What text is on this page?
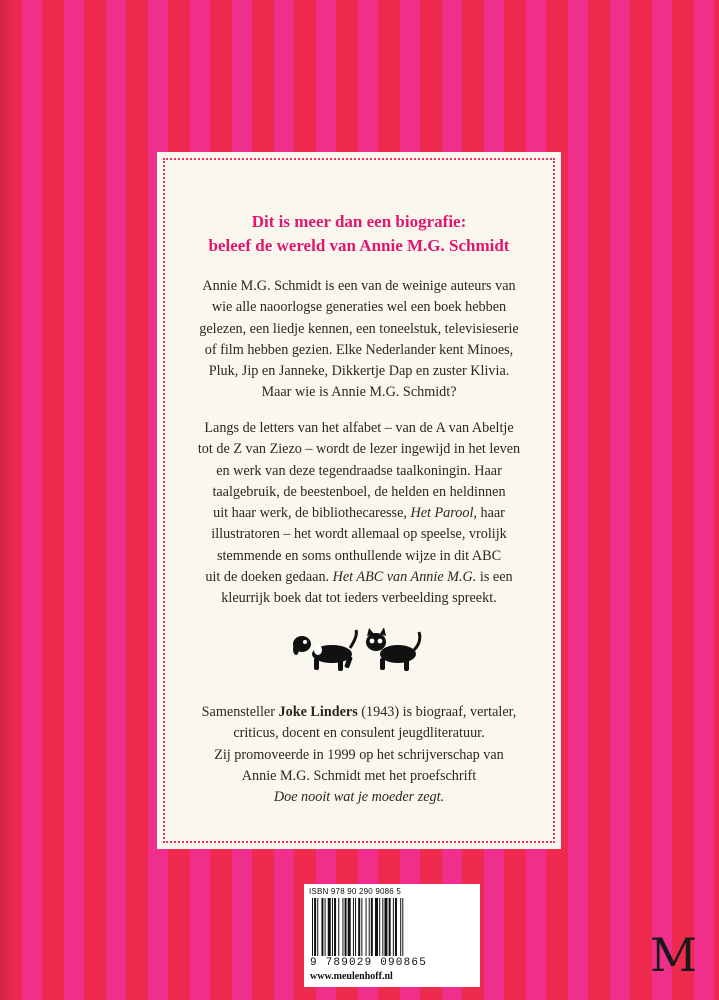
Dit is meer dan een biografie:
beleef de wereld van Annie M.G. Schmidt
Annie M.G. Schmidt is een van de weinige auteurs van
wie alle naoorlogse generaties wel een boek hebben
gelezen, een liedje kennen, een toneelstuk, televisieserie
of film hebben gezien. Elke Nederlander kent Minoes,
Pluk, Jip en Janneke, Dikkertje Dap en zuster Klivia.
Maar wie is Annie M.G. Schmidt?
Langs de letters van het alfabet – van de A van Abeltje
tot de Z van Ziezo – wordt de lezer ingewijd in het leven
en werk van deze tegendraadse taalkoningin. Haar
taalgebruik, de beestenboel, de helden en heldinnen
uit haar werk, de bibliothecaresse, Het Parool, haar
illustratoren – het wordt allemaal op speelse, vrolijk
stemmende en soms onthullende wijze in dit ABC
uit de doeken gedaan. Het ABC van Annie M.G. is een
kleurrijk boek dat tot ieders verbeelding spreekt.
Samensteller Joke Linders (1943) is biograaf, vertaler,
criticus, docent en consulent jeugdliteratuur.
Zij promoveerde in 1999 op het schrijverschap van
Annie M.G. Schmidt met het proefschrift
Doe nooit wat je moeder zegt.
ISBN 978 90 290 9086 5
9 789029 090865
www.meulenhoff.nl	M
